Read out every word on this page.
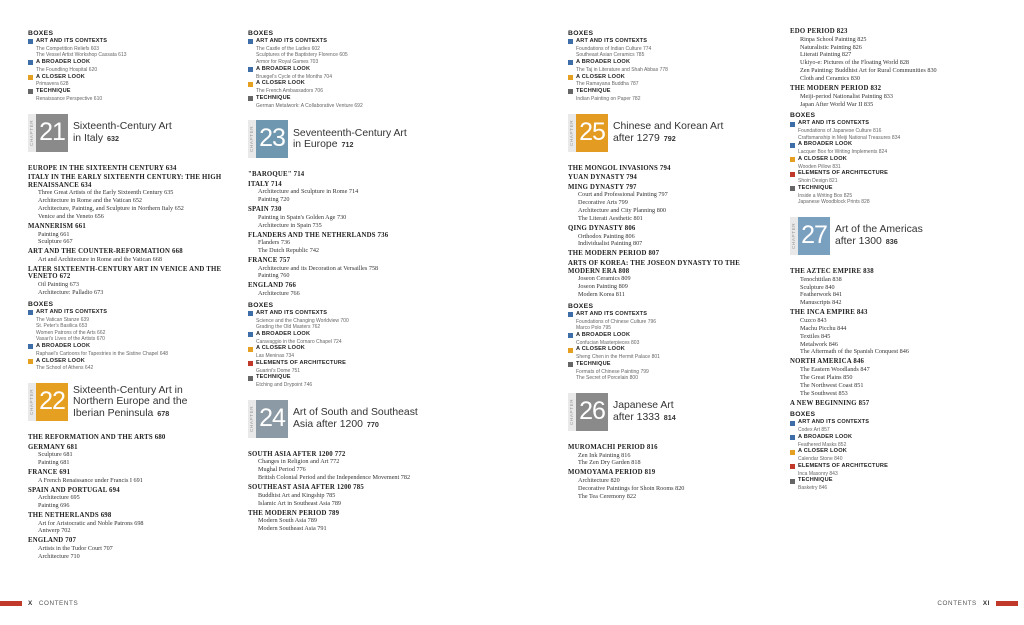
BOXES
ART AND ITS CONTEXTS
The Competition Reliefs 603
The Vessel Artist Workshop Cassata 613
A BROADER LOOK
The Foundling Hospital 620
A CLOSER LOOK
Primavera 628
TECHNIQUE
Renaissance Perspective 610
CHAPTER 21 Sixteenth-Century Art
in Italy 632
EUROPE IN THE SIXTEENTH CENTURY 634
ITALY IN THE EARLY SIXTEENTH CENTURY: THE HIGH RENAISSANCE 634
Three Great Artists of the Early Sixteenth Century 635
Architecture in Rome and the Vatican 652
Architecture, Painting, and Sculpture in Northern Italy 652
Venice and the Veneto 656
MANNERISM 661
Painting 661
Sculpture 667
ART AND THE COUNTER-REFORMATION 668
Art and Architecture in Rome and the Vatican 668
LATER SIXTEENTH-CENTURY ART IN VENICE AND THE VENETO 672
Oil Painting 673
Architecture: Palladio 673
BOXES
ART AND ITS CONTEXTS
The Vatican Stanze 639
St. Peter's Basilica 653
Women Patrons of the Arts 662
Vasari's Lives of the Artists 670
A BROADER LOOK
Raphael's Cartoons for Tapestries in the Sistine Chapel 648
A CLOSER LOOK
The School of Athens 642
CHAPTER 22 Sixteenth-Century Art in
Northern Europe and the
Iberian Peninsula 678
THE REFORMATION AND THE ARTS 680
GERMANY 681
Sculpture 681
Painting 681
FRANCE 691
A French Renaissance under Francis I 691
SPAIN AND PORTUGAL 694
Architecture 695
Painting 696
THE NETHERLANDS 698
Art for Aristocratic and Noble Patrons 698
Antwerp 702
ENGLAND 707
Artists in the Tudor Court 707
Architecture 710
BOXES
ART AND ITS CONTEXTS
The Castle of the Ladies 602
Sculptures of the Baptistery Florence 605
Armor for Royal Games 703
A BROADER LOOK
Bruegel's Cycle of the Months 704
A CLOSER LOOK
The French Ambassadors 706
TECHNIQUE
German Metalwork: A Collaborative Venture 692
CHAPTER 23 Seventeenth-Century Art
in Europe 712
"BAROQUE" 714
ITALY 714
Architecture and Sculpture in Rome 714
Painting 720
SPAIN 730
Painting in Spain's Golden Age 730
Architecture in Spain 735
FLANDERS AND THE NETHERLANDS 736
Flanders 736
The Dutch Republic 742
FRANCE 757
Architecture and its Decoration at Versailles 758
Painting 760
ENGLAND 766
Architecture 766
BOXES
ART AND ITS CONTEXTS
Science and the Changing Worldview 700
Grading the Old Masters 762
A BROADER LOOK
Caravaggio in the Cornaro Chapel 724
A CLOSER LOOK
Las Meninas 734
ELEMENTS OF ARCHITECTURE
Guarini's Dome 751
TECHNIQUE
Etching and Drypoint 746
CHAPTER 24 Art of South and Southeast
Asia after 1200 770
SOUTH ASIA AFTER 1200 772
Changes in Religion and Art 772
Mughal Period 776
British Colonial Period and the Independence Movement 782
SOUTHEAST ASIA AFTER 1200 785
Buddhist Art and Kingship 785
Islamic Art in Southeast Asia 789
THE MODERN PERIOD 789
Modern South Asia 789
Modern Southeast Asia 791
BOXES
ART AND ITS CONTEXTS
Foundations of Indian Culture 774
Southeast Asian Ceramics 785
A BROADER LOOK
The Taj in Literature and Shah Abbas 778
A CLOSER LOOK
The Ramayana Buddha 787
TECHNIQUE
Indian Painting on Paper 782
CHAPTER 25 Chinese and Korean Art
after 1279 792
THE MONGOL INVASIONS 794
YUAN DYNASTY 794
MING DYNASTY 797
Court and Professional Painting 797
Decorative Arts 799
Architecture and City Planning 800
The Literati Aesthetic 801
QING DYNASTY 806
Orthodox Painting 806
Individualist Painting 807
THE MODERN PERIOD 807
ARTS OF KOREA: THE JOSEON DYNASTY TO THE MODERN ERA 808
Joseon Ceramics 809
Joseon Painting 809
Modern Korea 811
BOXES
ART AND ITS CONTEXTS
Foundations of Chinese Culture 796
Marco Polo 795
A BROADER LOOK
Confucian Masterpieces 803
A CLOSER LOOK
Sheng Chen in the Hermit Palace 801
TECHNIQUE
Formats of Chinese Painting 799
The Secret of Porcelain 800
CHAPTER 26 Japanese Art
after 1333 814
MUROMACHI PERIOD 816
Zen Ink Painting 816
The Zen Dry Garden 818
MOMOYAMA PERIOD 819
Architecture 820
Decorative Paintings for Shoin Rooms 820
The Tea Ceremony 822
EDO PERIOD 823
Rinpa School Painting 825
Naturalistic Painting 826
Literati Painting 827
Ukiyo-e: Pictures of the Floating World 828
Zen Painting: Buddhist Art for Rural Communities 830
Cloth and Ceramics 830
THE MODERN PERIOD 832
Meiji-period Nationalist Painting 833
Japan After World War II 835
BOXES
ART AND ITS CONTEXTS
Foundations of Japanese Culture 816
Craftsmanship in Meiji National Treasures 834
A BROADER LOOK
Lacquer Box for Writing Implements 824
A CLOSER LOOK
Wooden Pillow 831
ELEMENTS OF ARCHITECTURE
Shoin Design 821
TECHNIQUE
Inside a Writing Box 825
Japanese Woodblock Prints 828
CHAPTER 27 Art of the Americas
after 1300 836
THE AZTEC EMPIRE 838
Tenochtitlan 838
Sculpture 840
Featherwork 841
Manuscripts 842
THE INCA EMPIRE 843
Cuzco 843
Machu Picchu 844
Textiles 845
Metalwork 846
The Aftermath of the Spanish Conquest 846
NORTH AMERICA 846
The Eastern Woodlands 847
The Great Plains 850
The Northwest Coast 851
The Southwest 853
A NEW BEGINNING 857
BOXES
ART AND ITS CONTEXTS
Codex Art 857
A BROADER LOOK
Feathered Masks 852
A CLOSER LOOK
Calendar Stone 840
ELEMENTS OF ARCHITECTURE
Inca Masonry 843
TECHNIQUE
Basketry 846
X CONTENTS	CONTENTS XI
